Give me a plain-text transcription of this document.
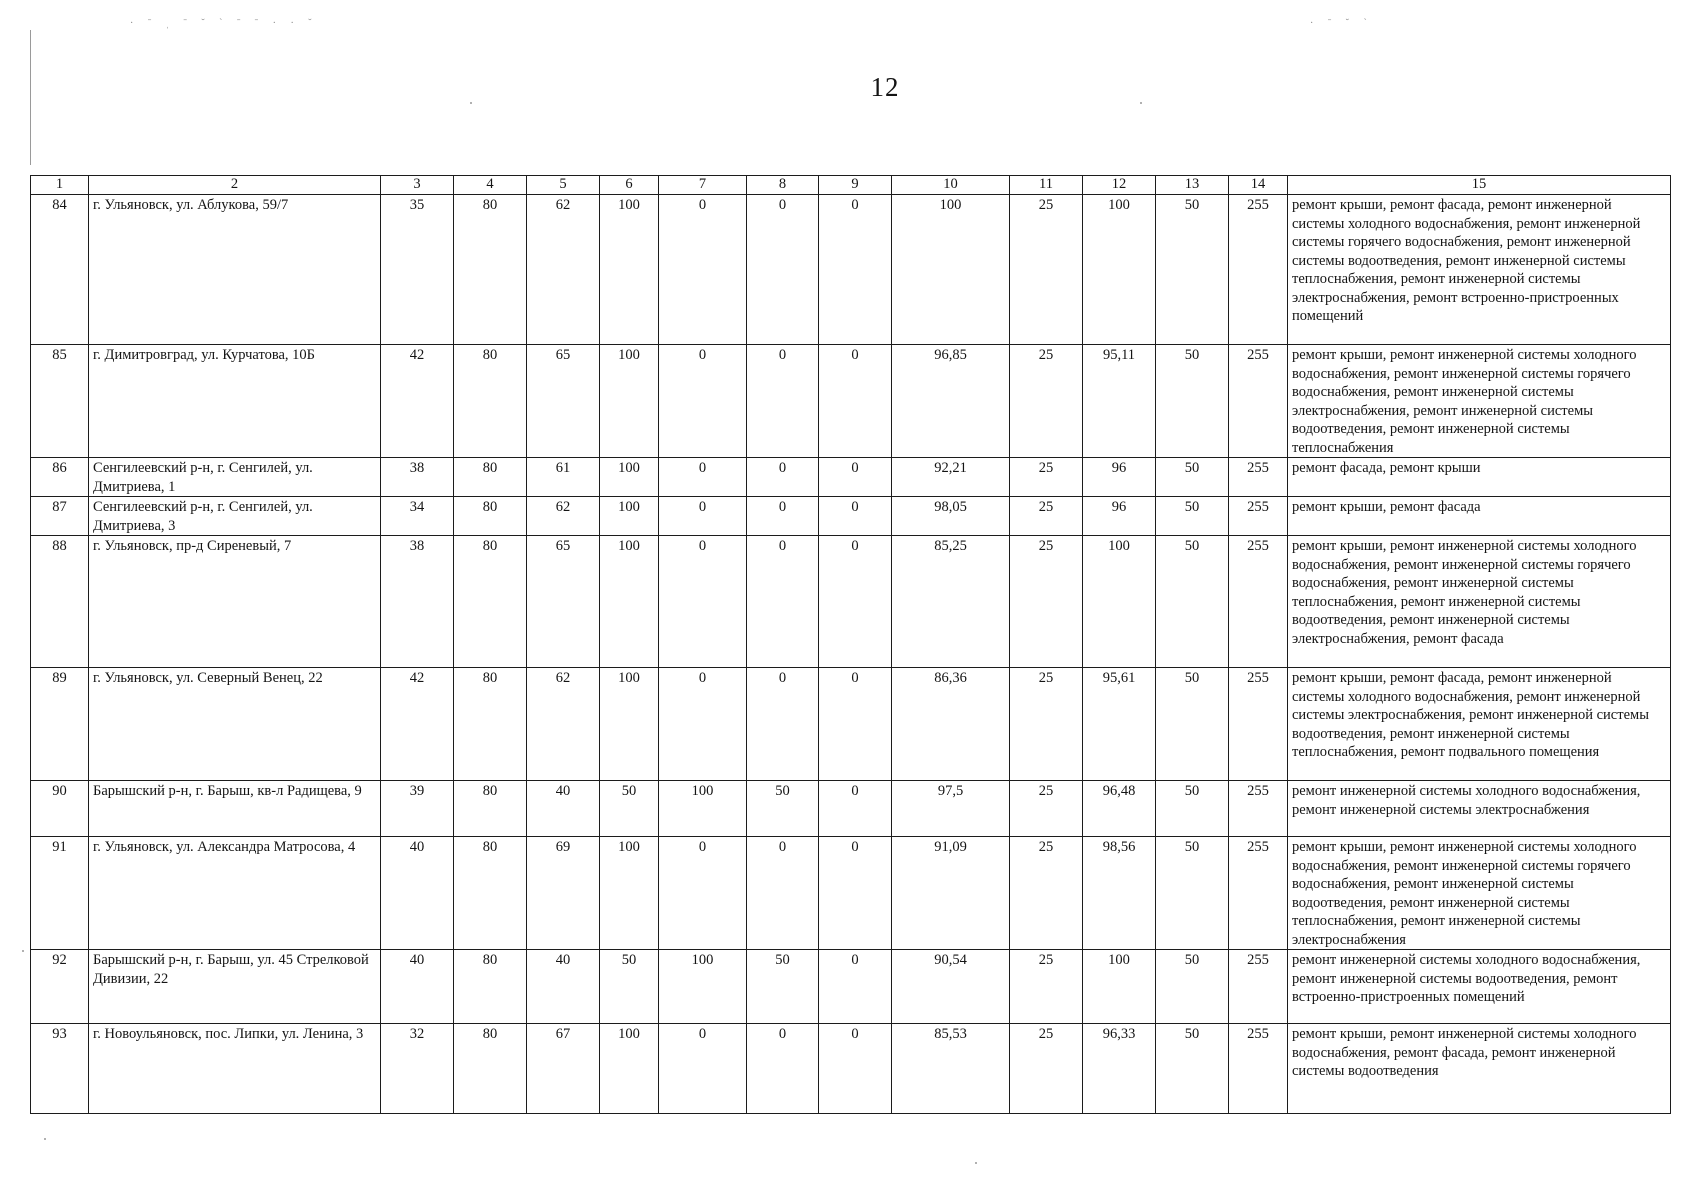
· ˉ ˌ ˉ ˘ ˋ ˉ ˉ · · ˘	· ˉ ˘ ˋ
12
1	2	3	4	5	6	7	8	9	10	11	12	13	14	15
84	г. Ульяновск, ул. Аблукова, 59/7	35	80	62	100	0	0	0	100	25	100	50	255	ремонт крыши, ремонт фасада, ремонт инженерной системы холодного водоснабжения, ремонт инженерной системы горячего водоснабжения, ремонт инженерной системы водоотведения, ремонт инженерной системы теплоснабжения, ремонт инженерной системы электроснабжения, ремонт встроенно-пристроенных помещений
85	г. Димитровград, ул. Курчатова, 10Б	42	80	65	100	0	0	0	96,85	25	95,11	50	255	ремонт крыши, ремонт инженерной системы холодного водоснабжения, ремонт инженерной системы горячего водоснабжения, ремонт инженерной системы электроснабжения, ремонт инженерной системы водоотведения, ремонт инженерной системы теплоснабжения
86	Сенгилеевский р-н, г. Сенгилей, ул. Дмитриева, 1	38	80	61	100	0	0	0	92,21	25	96	50	255	ремонт фасада, ремонт крыши
87	Сенгилеевский р-н, г. Сенгилей, ул. Дмитриева, 3	34	80	62	100	0	0	0	98,05	25	96	50	255	ремонт крыши, ремонт фасада
88	г. Ульяновск, пр-д Сиреневый, 7	38	80	65	100	0	0	0	85,25	25	100	50	255	ремонт крыши, ремонт инженерной системы холодного водоснабжения, ремонт инженерной системы горячего водоснабжения, ремонт инженерной системы теплоснабжения, ремонт инженерной системы водоотведения, ремонт инженерной системы электроснабжения, ремонт фасада
89	г. Ульяновск, ул. Северный Венец, 22	42	80	62	100	0	0	0	86,36	25	95,61	50	255	ремонт крыши, ремонт фасада, ремонт инженерной системы холодного водоснабжения, ремонт инженерной системы электроснабжения, ремонт инженерной системы водоотведения, ремонт инженерной системы теплоснабжения, ремонт подвального помещения
90	Барышский р-н, г. Барыш, кв-л Радищева, 9	39	80	40	50	100	50	0	97,5	25	96,48	50	255	ремонт инженерной системы холодного водоснабжения, ремонт инженерной системы электроснабжения
91	г. Ульяновск, ул. Александра Матросова, 4	40	80	69	100	0	0	0	91,09	25	98,56	50	255	ремонт крыши, ремонт инженерной системы холодного водоснабжения, ремонт инженерной системы горячего водоснабжения, ремонт инженерной системы водоотведения, ремонт инженерной системы теплоснабжения, ремонт инженерной системы электроснабжения
92	Барышский р-н, г. Барыш, ул. 45 Стрелковой Дивизии, 22	40	80	40	50	100	50	0	90,54	25	100	50	255	ремонт инженерной системы холодного водоснабжения, ремонт инженерной системы водоотведения, ремонт встроенно-пристроенных помещений
93	г. Новоульяновск, пос. Липки, ул. Ленина, 3	32	80	67	100	0	0	0	85,53	25	96,33	50	255	ремонт крыши, ремонт инженерной системы холодного водоснабжения, ремонт фасада, ремонт инженерной системы водоотведения
